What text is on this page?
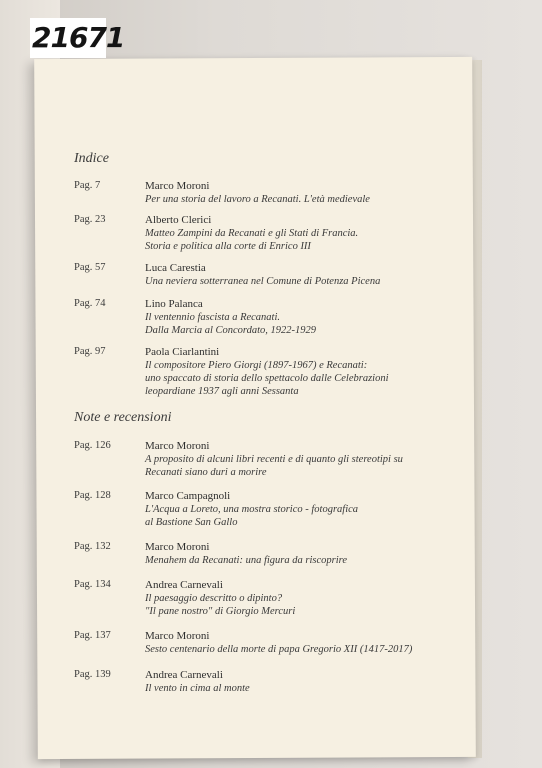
21671
Indice
Pag. 7	Marco Moroni
Per una storia del lavoro a Recanati. L'età medievale
Pag. 23	Alberto Clerici
Matteo Zampini da Recanati e gli Stati di Francia.
Storia e politica alla corte di Enrico III
Pag. 57	Luca Carestia
Una neviera sotterranea nel Comune di Potenza Picena
Pag. 74	Lino Palanca
Il ventennio fascista a Recanati.
Dalla Marcia al Concordato, 1922-1929
Pag. 97	Paola Ciarlantini
Il compositore Piero Giorgi (1897-1967) e Recanati:
uno spaccato di storia dello spettacolo dalle Celebrazioni
leopardiane 1937 agli anni Sessanta
Note e recensioni
Pag. 126	Marco Moroni
A proposito di alcuni libri recenti e di quanto gli stereotipi su
Recanati siano duri a morire
Pag. 128	Marco Campagnoli
L'Acqua a Loreto, una mostra storico - fotografica
al Bastione San Gallo
Pag. 132	Marco Moroni
Menahem da Recanati: una figura da riscoprire
Pag. 134	Andrea Carnevali
Il paesaggio descritto o dipinto?
"Il pane nostro" di Giorgio Mercuri
Pag. 137	Marco Moroni
Sesto centenario della morte di papa Gregorio XII (1417-2017)
Pag. 139	Andrea Carnevali
Il vento in cima al monte
